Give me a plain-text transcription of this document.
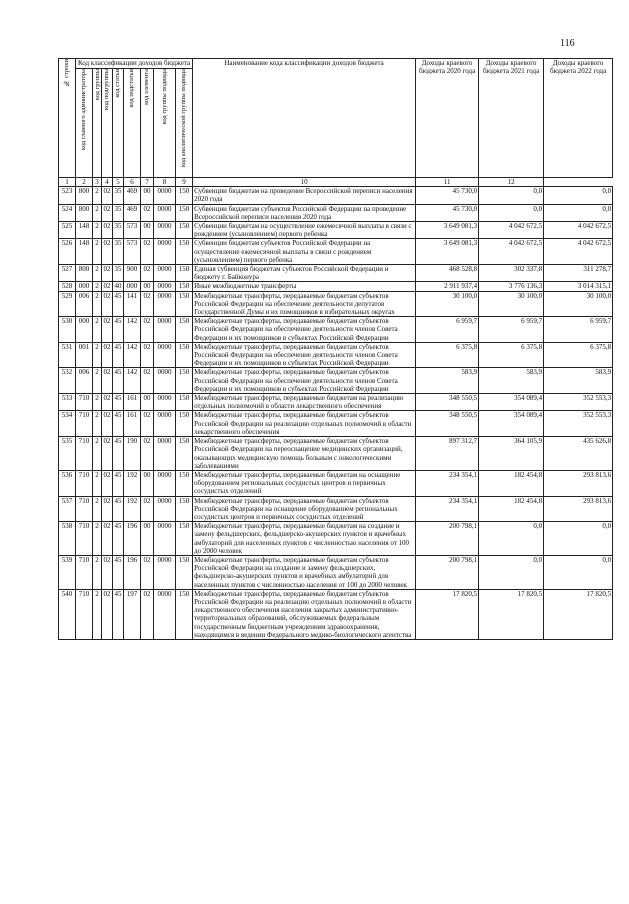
116
№ строки	Код классификации доходов бюджета								Наименование кода классификации доходов бюджета	Доходы краевого бюджета 2020 года	Доходы краевого бюджета 2021 года	Доходы краевого бюджета 2022 года

	код главного администратора	код группы	код подгруппы	код статьи	код подстатьи	код элемента	код группы подвида	код аналитической группы подвида				

1	2	3	4	5	6	7	8	9	10	11	12	
523	800	2	02	35	469	00	0000	150	Субвенции бюджетам на проведение Всероссийской переписи населения 2020 года	45 730,0	0,0	0,0
524	800	2	02	35	469	02	0000	150	Субвенции бюджетам субъектов Российской Федерации на проведение Всероссийской переписи населения 2020 года	45 730,0	0,0	0,0
525	148	2	02	35	573	00	0000	150	Субвенции бюджетам на осуществление ежемесячной выплаты в связи с рождением (усыновлением) первого ребенка	3 649 081,3	4 042 672,5	4 042 672,5
526	148	2	02	35	573	02	0000	150	Субвенции бюджетам субъектов Российской Федерации на осуществление ежемесячной выплаты в связи с рождением (усыновлением) первого ребенка	3 649 081,3	4 042 672,5	4 042 672,5
527	800	2	02	35	900	02	0000	150	Единая субвенция бюджетам субъектов Российской Федерации и бюджету г. Байконура	468 528,8	302 337,8	311 278,7
528	000	2	02	40	000	00	0000	150	Иные межбюджетные трансферты	2 911 937,4	3 776 136,3	3 014 315,1
529	006	2	02	45	141	02	0000	150	Межбюджетные трансферты, передаваемые бюджетам субъектов Российской Федерации на обеспечение деятельности депутатов Государственной Думы и их помощников в избирательных округах	30 100,0	30 100,0	30 100,0
530	000	2	02	45	142	02	0000	150	Межбюджетные трансферты, передаваемые бюджетам субъектов Российской Федерации на обеспечение деятельности членов Совета Федерации и их помощников в субъектах Российской Федерации	6 959,7	6 959,7	6 959,7
531	001	2	02	45	142	02	0000	150	Межбюджетные трансферты, передаваемые бюджетам субъектов Российской Федерации на обеспечение деятельности членов Совета Федерации и их помощников в субъектах Российской Федерации	6 375,8	6 375,8	6 375,8
532	006	2	02	45	142	02	0000	150	Межбюджетные трансферты, передаваемые бюджетам субъектов Российской Федерации на обеспечение деятельности членов Совета Федерации и их помощников в субъектах Российской Федерации	583,9	583,9	583,9
533	710	2	02	45	161	00	0000	150	Межбюджетные трансферты, передаваемые бюджетам на реализацию отдельных полномочий в области лекарственного обеспечения	348 550,5	354 089,4	352 553,3
534	710	2	02	45	161	02	0000	150	Межбюджетные трансферты, передаваемые бюджетам субъектов Российской Федерации на реализацию отдельных полномочий в области лекарственного обеспечения	348 550,5	354 089,4	352 553,3
535	710	2	02	45	190	02	0000	150	Межбюджетные трансферты, передаваемые бюджетам субъектов Российской Федерации на переоснащение медицинских организаций, оказывающих медицинскую помощь больным с онкологическими заболеваниями	897 312,7	364 105,9	435 626,8
536	710	2	02	45	192	00	0000	150	Межбюджетные трансферты, передаваемые бюджетам на оснащение оборудованием региональных сосудистых центров и первичных сосудистых отделений	234 354,1	182 454,8	293 813,6
537	710	2	02	45	192	02	0000	150	Межбюджетные трансферты, передаваемые бюджетам субъектов Российской Федерации на оснащение оборудованием региональных сосудистых центров и первичных сосудистых отделений	234 354,1	182 454,8	293 813,6
538	710	2	02	45	196	00	0000	150	Межбюджетные трансферты, передаваемые бюджетам на создание и замену фельдшерских, фельдшерско-акушерских пунктов и врачебных амбулаторий для населенных пунктов с численностью населения от 100 до 2000 человек	200 798,1	0,0	0,0
539	710	2	02	45	196	02	0000	150	Межбюджетные трансферты, передаваемые бюджетам субъектов Российской Федерации на создание и замену фельдшерских, фельдшерско-акушерских пунктов и врачебных амбулаторий для населенных пунктов с численностью населения от 100 до 2000 человек	200 798,1	0,0	0,0
540	710	2	02	45	197	02	0000	150	Межбюджетные трансферты, передаваемые бюджетам субъектов Российской Федерации на реализацию отдельных полномочий в области лекарственного обеспечения населения закрытых административно-территориальных образований, обслуживаемых федеральным государственным бюджетным учреждениям здравоохранения, находящимся в ведении Федерального медико-биологического агентства	17 820,5	17 820,5	17 820,5
